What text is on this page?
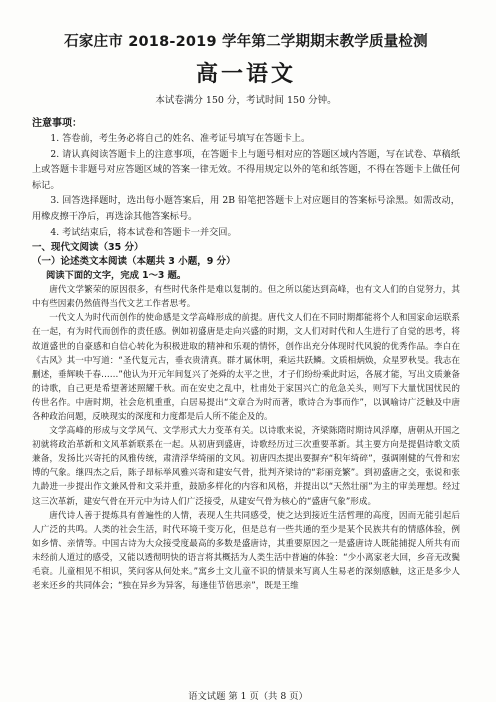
石家庄市 2018-2019 学年第二学期期末教学质量检测
高一语文
本试卷满分 150 分，考试时间 150 分钟。
注意事项：

1. 答卷前，考生务必将自己的姓名、准考证号填写在答题卡上。

2. 请认真阅读答题卡上的注意事项，在答题卡上与题号相对应的答题区域内答题，写在试卷、草稿纸上或答题卡非题号对应答题区域的答案一律无效。不得用规定以外的笔和纸答题，不得在答题卡上做任何标记。

3. 回答选择题时，选出每小题答案后，用 2B 铅笔把答题卡上对应题目的答案标号涂黑。如需改动，用橡皮擦干净后，再选涂其他答案标号。

4. 考试结束后，将本试卷和答题卡一并交回。

一、现代文阅读（35 分）
（一）论述类文本阅读（本题共 3 小题，9 分）
阅读下面的文字，完成 1～3 题。

唐代文学繁荣的原因很多，有些时代条件是难以复制的。但之所以能达到高峰，也有文人们的自觉努力，其中有些因素仍然值得当代文艺工作者思考。

一代文人为时代而创作的使命感是文学高峰形成的前提。唐代文人们在不同时期都能将个人和国家命运联系在一起，有为时代而创作的责任感。例如初盛唐是走向兴盛的时期，文人们对时代和人生进行了自觉的思考，将故道盛世的自豪感和自信心转化为积极进取的精神和乐观的情怀，创作出充分体现时代风貌的优秀作品。李白在《古风》其一中写道：“圣代复元古，垂衣贵清真。群才属休明，乘运共跃鳞。文质相炳焕，众星罗秋旻。我志在删述，垂辉映千春……”他认为开元年间复兴了尧舜的太平之世，才子们纷纷乘此时运，各展才能，写出文质兼备的诗歌，自己更是希望著述照耀千秋。而在安史之乱中，杜甫处于家国兴亡的危急关头，则写下大量忧国忧民的传世名作。中唐时期，社会危机重重，白居易提出“文章合为时而著，歌诗合为事而作”，以讽喻诗广泛触及中唐各种政治问题，反映现实的深度和力度都是后人所不能企及的。

文学高峰的形成与文学风气、文学形式大力变革有关。以诗歌来说，齐梁陈隋时期诗风浮靡，唐朝从开国之初就将政治革新和文风革新联系在一起。从初唐到盛唐，诗歌经历过三次重要革新。其主要方向是提倡诗歌文质兼备，发扬比兴寄托的风雅传统，肃清浮华绮丽的文风。初唐四杰提出要摒弃“积年绮碎”，强调刚健的气骨和宏博的气象。继四杰之后，陈子昂标举风雅兴寄和建安气骨，批判齐梁诗的“彩丽竞繁”。到初盛唐之交，张说和张九龄进一步提出作文兼风骨和文采并重，鼓励多样化的内容和风格，并提出以“天然壮丽”为主的审美理想。经过这三次革新，建安气骨在开元中为诗人们广泛接受，从建安气骨为核心的“盛唐气象”形成。

唐代诗人善于提炼具有普遍性的人情，表现人生共同感受，使之达到接近生活哲理的高度，因而无能引起后人广泛的共鸣。人类的社会生活，时代环境千变万化，但是总有一些共通的至少是某个民族共有的情感体验，例如乡情、亲情等。中国古诗为大众接受度最高的多数是盛唐诗，其重要原因之一是盛唐诗人既能捕捉人所共有而未经前人道过的感受，又能以透彻明快的语言将其概括为人类生活中普遍的体验：“少小离家老大回，乡音无改鬓毛衰。儿童相见不相识，笑问客从何处来。”寓乡土文儿童不识的情景来写离人生易老的深刻感触，这正是多少人老来还乡的共同体会；“独在异乡为异客，每逢佳节倍思亲”，既是王维

语文试题 第 1 页（共 8 页）
